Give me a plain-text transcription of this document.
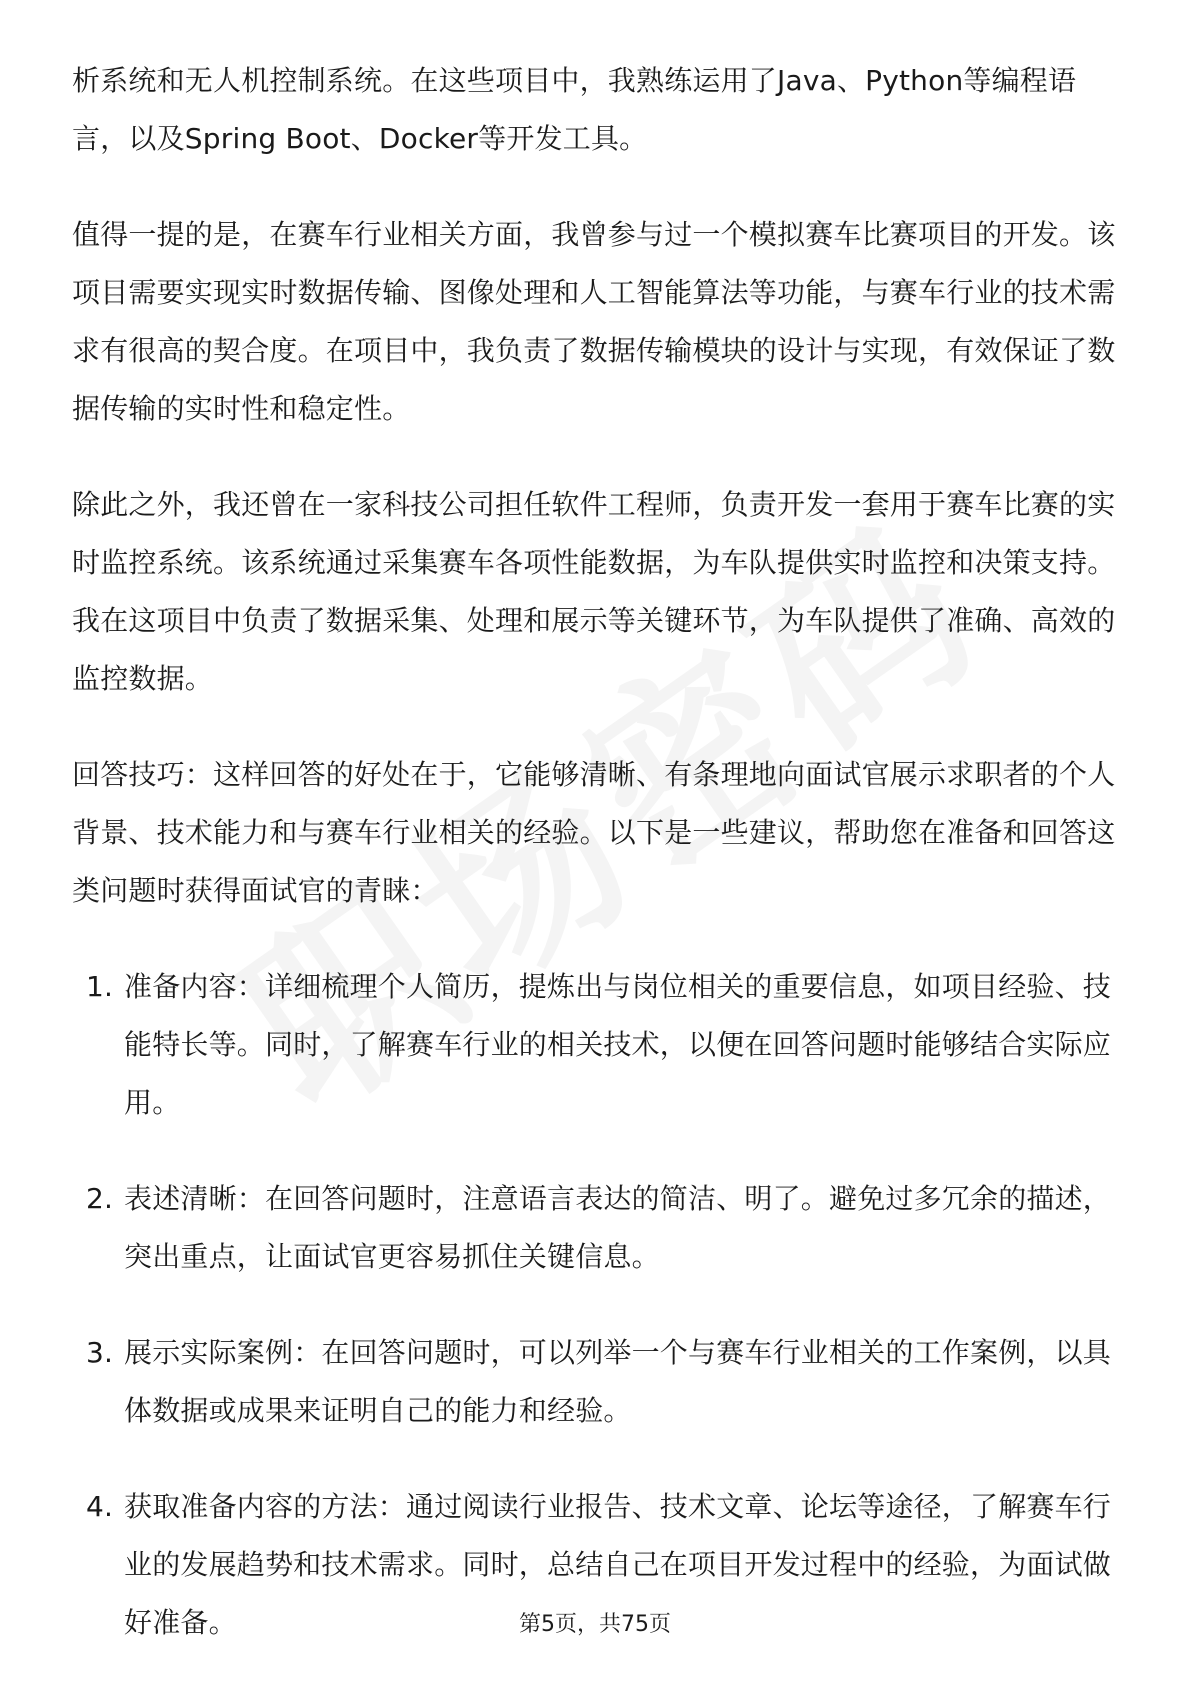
析系统和无人机控制系统。在这些项目中，我熟练运用了Java、Python等编程语言，以及Spring Boot、Docker等开发工具。

值得一提的是，在赛车行业相关方面，我曾参与过一个模拟赛车比赛项目的开发。该项目需要实现实时数据传输、图像处理和人工智能算法等功能，与赛车行业的技术需求有很高的契合度。在项目中，我负责了数据传输模块的设计与实现，有效保证了数据传输的实时性和稳定性。

除此之外，我还曾在一家科技公司担任软件工程师，负责开发一套用于赛车比赛的实时监控系统。该系统通过采集赛车各项性能数据，为车队提供实时监控和决策支持。我在这项目中负责了数据采集、处理和展示等关键环节，为车队提供了准确、高效的监控数据。

回答技巧：这样回答的好处在于，它能够清晰、有条理地向面试官展示求职者的个人背景、技术能力和与赛车行业相关的经验。以下是一些建议，帮助您在准备和回答这类问题时获得面试官的青睐：

1. 准备内容：详细梳理个人简历，提炼出与岗位相关的重要信息，如项目经验、技能特长等。同时，了解赛车行业的相关技术，以便在回答问题时能够结合实际应用。
2. 表述清晰：在回答问题时，注意语言表达的简洁、明了。避免过多冗余的描述，突出重点，让面试官更容易抓住关键信息。
3. 展示实际案例：在回答问题时，可以列举一个与赛车行业相关的工作案例，以具体数据或成果来证明自己的能力和经验。
4. 获取准备内容的方法：通过阅读行业报告、技术文章、论坛等途径，了解赛车行业的发展趋势和技术需求。同时，总结自己在项目开发过程中的经验，为面试做好准备。	第5页，共75页
